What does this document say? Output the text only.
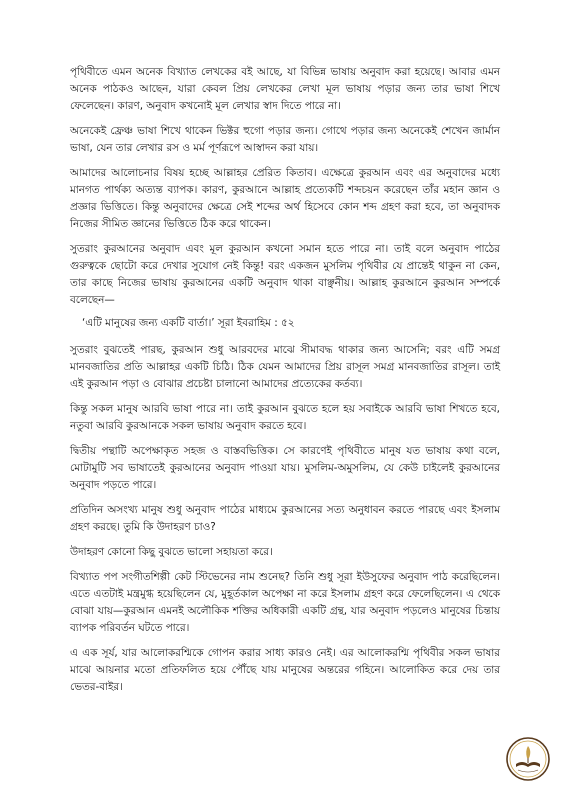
পৃথিবীতে এমন অনেক বিখ্যাত লেখকের বই আছে, যা বিভিন্ন ভাষায় অনুবাদ করা হয়েছে। আবার এমন অনেক পাঠকও আছেন, যারা কেবল প্রিয় লেখকের লেখা মূল ভাষায় পড়ার জন্য তার ভাষা শিখে ফেলেছেন। কারণ, অনুবাদ কখনোই মূল লেখার স্বাদ দিতে পারে না।

অনেকেই ফ্রেঞ্চ ভাষা শিখে থাকেন ভিক্টর হুগো পড়ার জন্য। গোথে পড়ার জন্য অনেকেই শেখেন জার্মান ভাষা, যেন তার লেখার রস ও মর্ম পূর্ণরূপে আস্বাদন করা যায়।

আমাদের আলোচনার বিষয় হচ্ছে আল্লাহর প্রেরিত কিতাব। এক্ষেত্রে কুরআন এবং এর অনুবাদের মধ্যে মানগত পার্থক্য অত্যন্ত ব্যাপক। কারণ, কুরআনে আল্লাহ প্রত্যেকটি শব্দচয়ন করেছেন তাঁর মহান জ্ঞান ও প্রজ্ঞার ভিত্তিতে। কিন্তু অনুবাদের ক্ষেত্রে সেই শব্দের অর্থ হিসেবে কোন শব্দ গ্রহণ করা হবে, তা অনুবাদক নিজের সীমিত জ্ঞানের ভিত্তিতে ঠিক করে থাকেন।

সুতরাং কুরআনের অনুবাদ এবং মূল কুরআন কখনো সমান হতে পারে না। তাই বলে অনুবাদ পাঠের গুরুত্বকে ছোটো করে দেখার সুযোগ নেই কিন্তু! বরং একজন মুসলিম পৃথিবীর যে প্রান্তেই থাকুন না কেন, তার কাছে নিজের ভাষায় কুরআনের একটি অনুবাদ থাকা বাঞ্ছনীয়। আল্লাহ কুরআনে কুরআন সম্পর্কে বলেছেন—

‘এটি মানুষের জন্য একটি বার্তা।’ সূরা ইবরাহিম : ৫২

সুতরাং বুঝতেই পারছ, কুরআন শুধু আরবদের মাঝে সীমাবদ্ধ থাকার জন্য আসেনি; বরং এটি সমগ্র মানবজাতির প্রতি আল্লাহর একটি চিঠি। ঠিক যেমন আমাদের প্রিয় রাসূল সমগ্র মানবজাতির রাসূল। তাই এই কুরআন পড়া ও বোঝার প্রচেষ্টা চালানো আমাদের প্রত্যেকের কর্তব্য।

কিন্তু সকল মানুষ আরবি ভাষা পারে না। তাই কুরআন বুঝতে হলে হয় সবাইকে আরবি ভাষা শিখতে হবে, নতুবা আরবি কুরআনকে সকল ভাষায় অনুবাদ করতে হবে।

দ্বিতীয় পন্থাটি অপেক্ষাকৃত সহজ ও বাস্তবভিত্তিক। সে কারণেই পৃথিবীতে মানুষ যত ভাষায় কথা বলে, মোটামুটি সব ভাষাতেই কুরআনের অনুবাদ পাওয়া যায়। মুসলিম-অমুসলিম, যে কেউ চাইলেই কুরআনের অনুবাদ পড়তে পারে।

প্রতিদিন অসংখ্য মানুষ শুধু অনুবাদ পাঠের মাধ্যমে কুরআনের সত্য অনুধাবন করতে পারছে এবং ইসলাম গ্রহণ করছে। তুমি কি উদাহরণ চাও?

উদাহরণ কোনো কিছু বুঝতে ভালো সহায়তা করে।

বিখ্যাত পপ সংগীতশিল্পী কেট স্টিভেনের নাম শুনেছ? তিনি শুধু সূরা ইউসুফের অনুবাদ পাঠ করেছিলেন। এতে এতটাই মন্ত্রমুগ্ধ হয়েছিলেন যে, মুহূর্তকাল অপেক্ষা না করে ইসলাম গ্রহণ করে ফেলেছিলেন। এ থেকে বোঝা যায়—কুরআন এমনই অলৌকিক শক্তির অধিকারী একটি গ্রন্থ, যার অনুবাদ পড়লেও মানুষের চিন্তায় ব্যাপক পরিবর্তন ঘটতে পারে।

এ এক সূর্য, যার আলোকরশ্মিকে গোপন করার সাধ্য কারও নেই। এর আলোকরশ্মি পৃথিবীর সকল ভাষার মাঝে আয়নার মতো প্রতিফলিত হয়ে পৌঁছে যায় মানুষের অন্তরের গহিনে। আলোকিত করে দেয় তার ভেতর-বাইর।
